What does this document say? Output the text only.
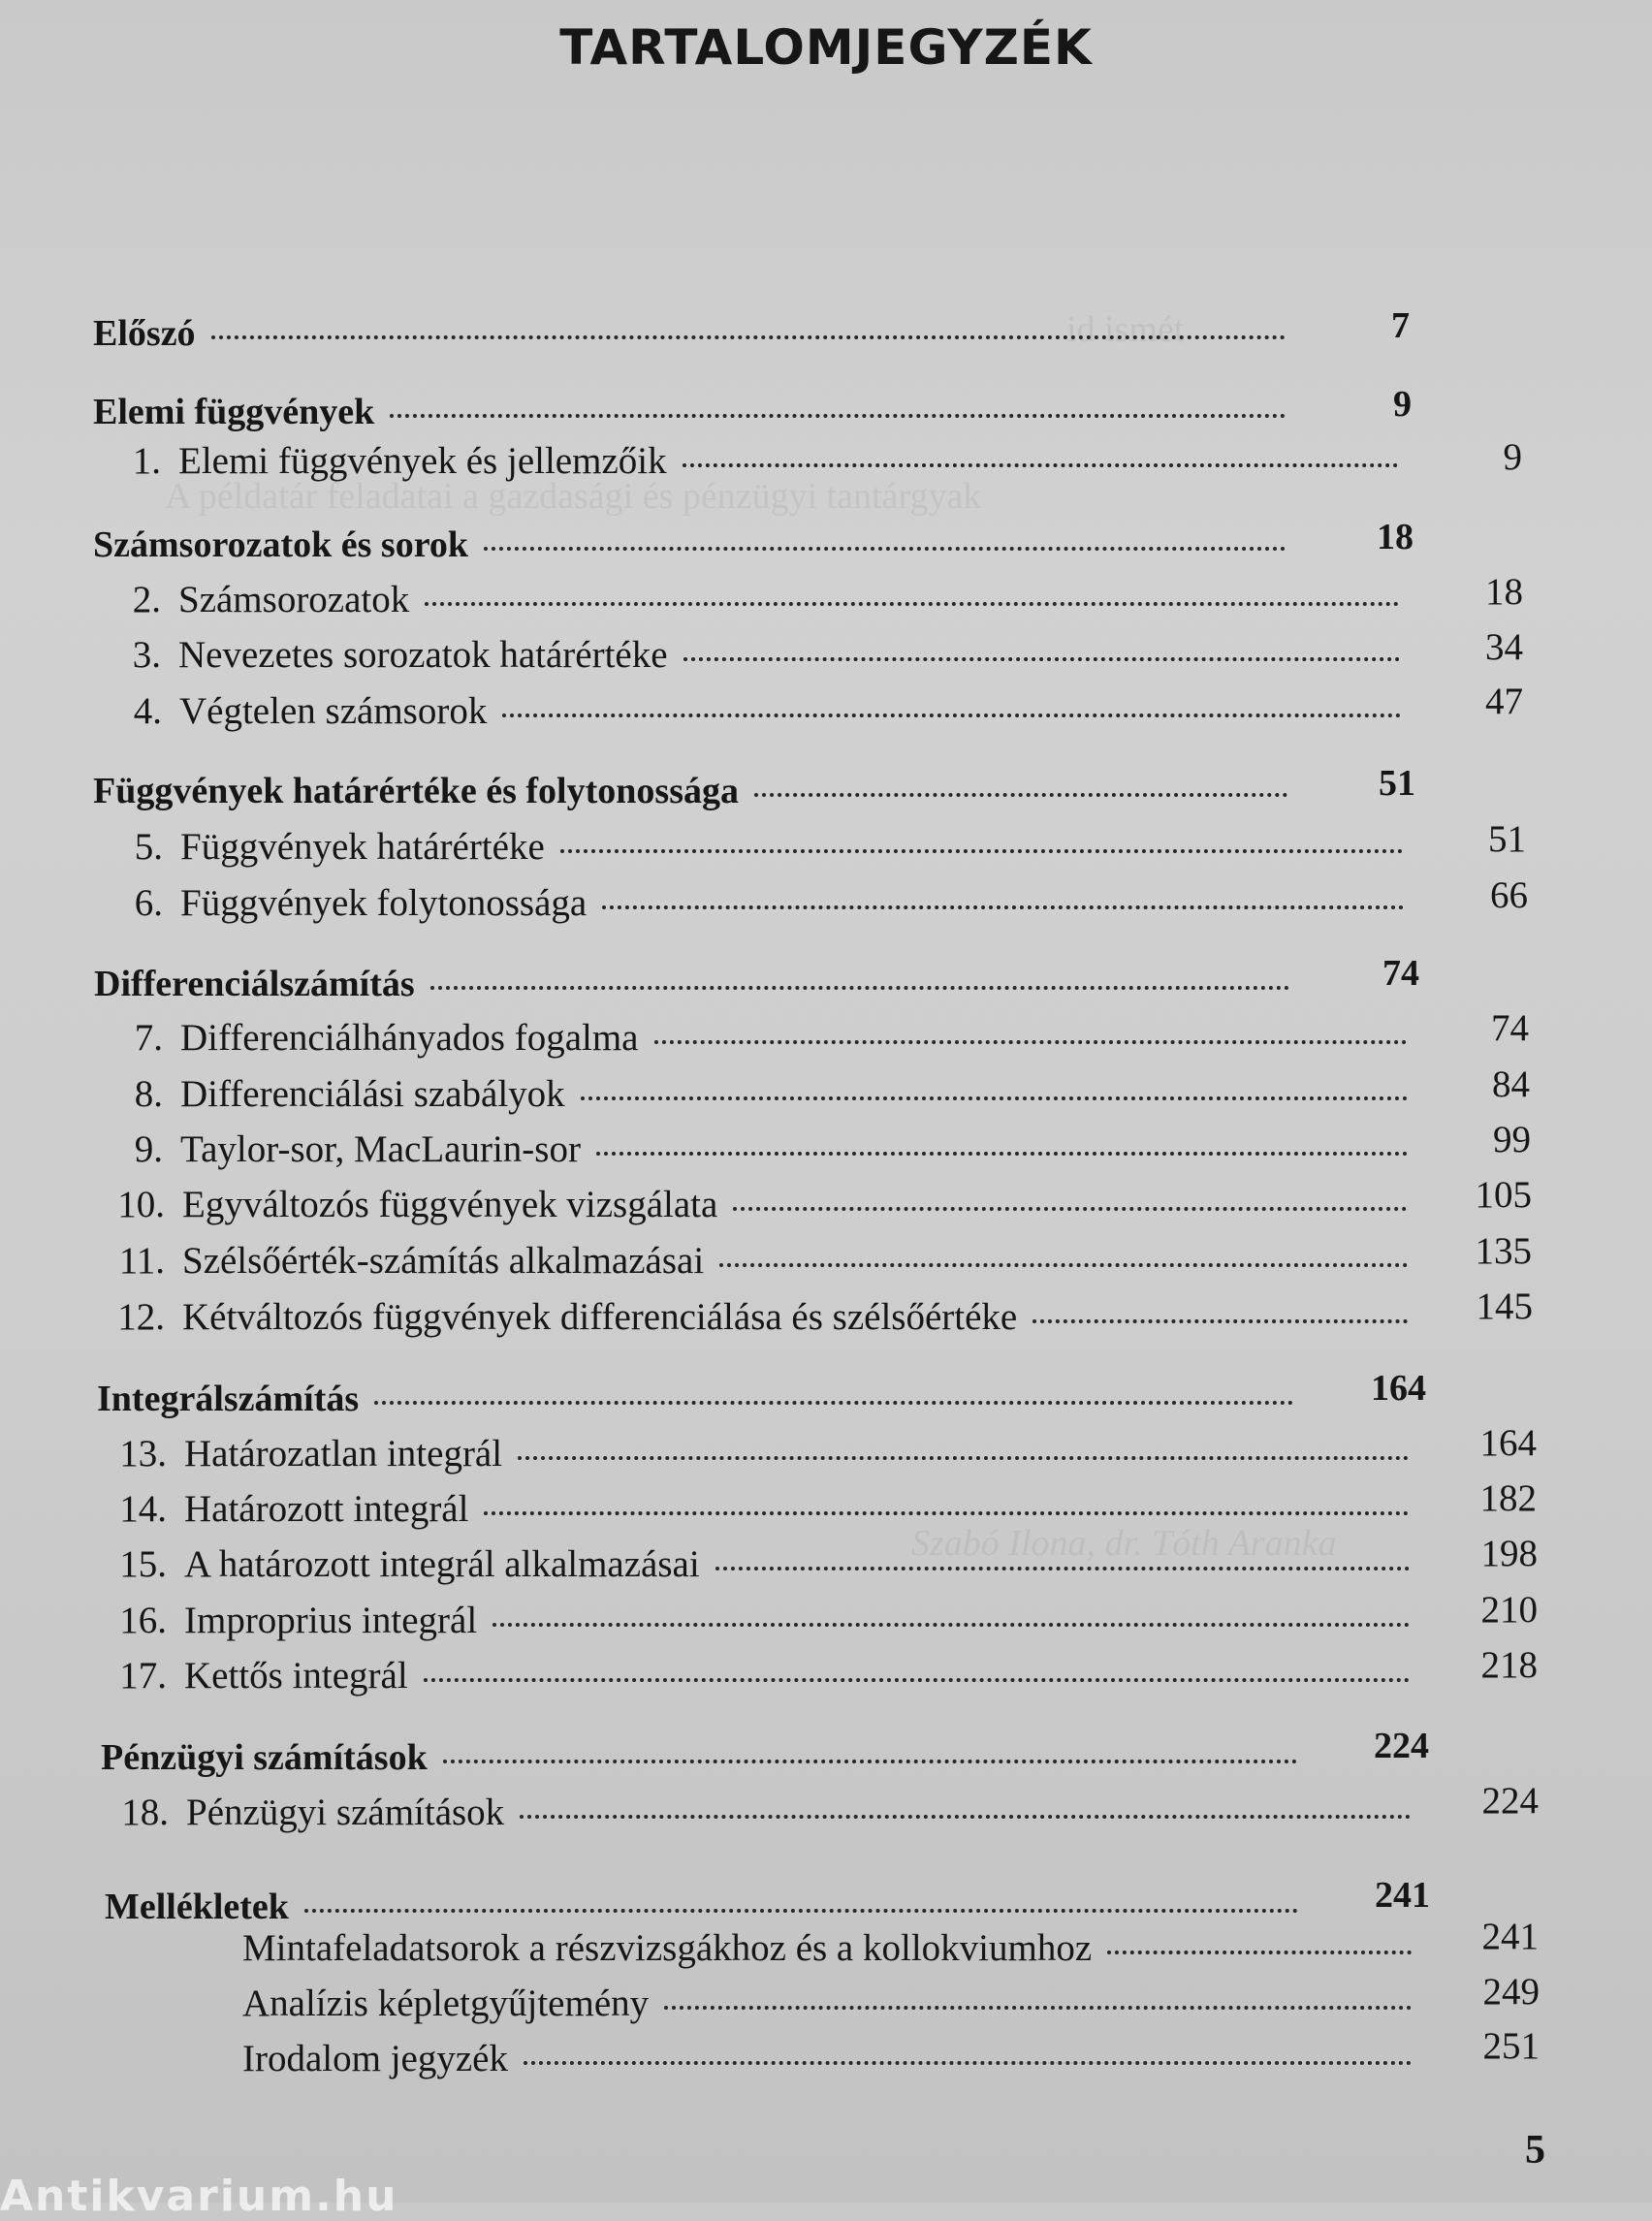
id ismét
A példatár feladatai a gazdasági és pénzügyi tantárgyak
Szabó Ilona, dr. Tóth Aranka
TARTALOMJEGYZÉK
Előszó	7
Elemi függvények	9
1. Elemi függvények és jellemzőik	9
Számsorozatok és sorok	18
2. Számsorozatok	18
3. Nevezetes sorozatok határértéke	34
4. Végtelen számsorok	47
Függvények határértéke és folytonossága	51
5. Függvények határértéke	51
6. Függvények folytonossága	66
Differenciálszámítás	74
7. Differenciálhányados fogalma	74
8. Differenciálási szabályok	84
9. Taylor-sor, MacLaurin-sor	99
10. Egyváltozós függvények vizsgálata	105
11. Szélsőérték-számítás alkalmazásai	135
12. Kétváltozós függvények differenciálása és szélsőértéke	145
Integrálszámítás	164
13. Határozatlan integrál	164
14. Határozott integrál	182
15. A határozott integrál alkalmazásai	198
16. Improprius integrál	210
17. Kettős integrál	218
Pénzügyi számítások	224
18. Pénzügyi számítások	224
Mellékletek	241
Mintafeladatsorok a részvizsgákhoz és a kollokviumhoz	241
Analízis képletgyűjtemény	249
Irodalom jegyzék	251
5
Antikvarium.hu
